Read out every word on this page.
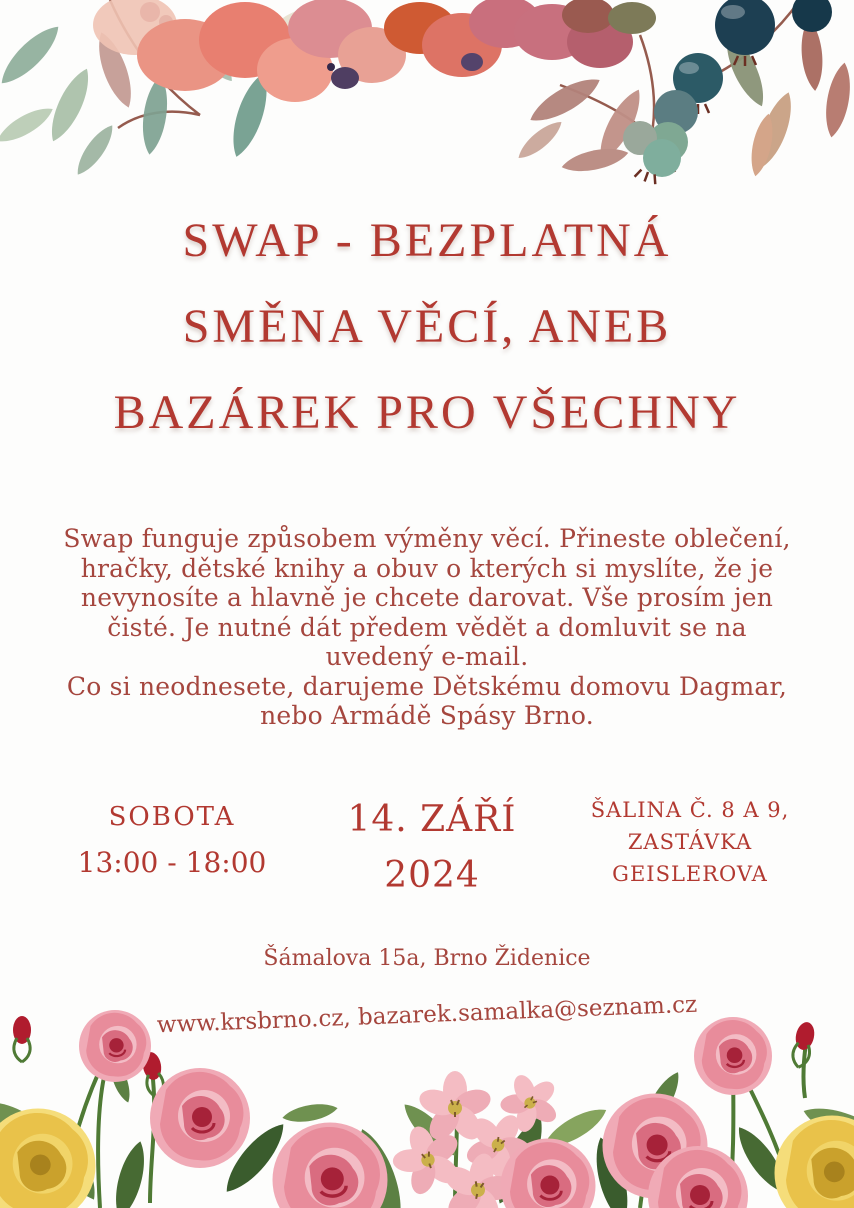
SWAP - BEZPLATNÁ
SMĚNA VĚCÍ, ANEB
BAZÁREK PRO VŠECHNY
Swap funguje způsobem výměny věcí. Přineste oblečení,
hračky, dětské knihy a obuv o kterých si myslíte, že je
nevynosíte a hlavně je chcete darovat. Vše prosím jen
čisté. Je nutné dát předem vědět a domluvit se na
uvedený e-mail.
Co si neodnesete, darujeme Dětskému domovu Dagmar,
nebo Armádě Spásy Brno.
SOBOTA
13:00 - 18:00
14. ZÁŘÍ
2024
ŠALINA Č. 8 A 9,
ZASTÁVKA
GEISLEROVA
Šámalova 15a, Brno Židenice
www.krsbrno.cz, bazarek.samalka@seznam.cz
